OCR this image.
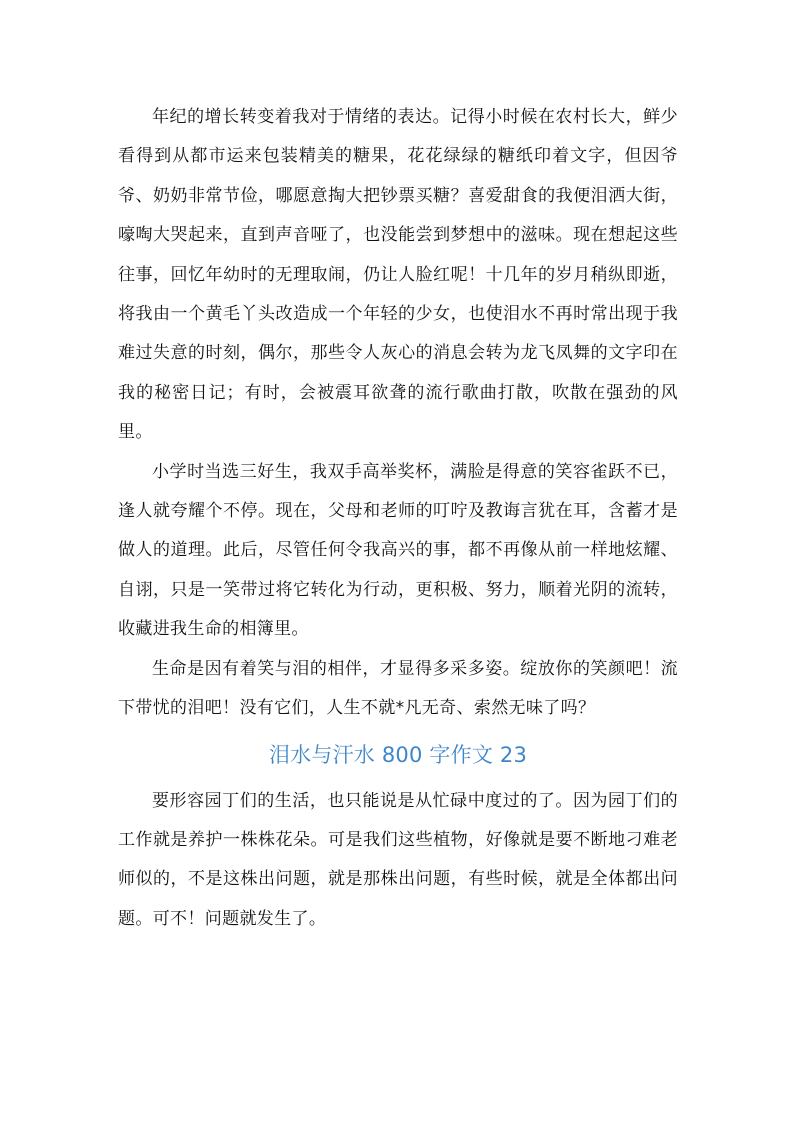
年纪的增长转变着我对于情绪的表达。记得小时候在农村长大，鲜少看得到从都市运来包装精美的糖果，花花绿绿的糖纸印着文字，但因爷爷、奶奶非常节俭，哪愿意掏大把钞票买糖？喜爱甜食的我便泪洒大街，嚎啕大哭起来，直到声音哑了，也没能尝到梦想中的滋味。现在想起这些往事，回忆年幼时的无理取闹，仍让人脸红呢！十几年的岁月稍纵即逝，将我由一个黄毛丫头改造成一个年轻的少女，也使泪水不再时常出现于我难过失意的时刻，偶尔，那些令人灰心的消息会转为龙飞凤舞的文字印在我的秘密日记；有时，会被震耳欲聋的流行歌曲打散，吹散在强劲的风里。

小学时当选三好生，我双手高举奖杯，满脸是得意的笑容雀跃不已，逢人就夸耀个不停。现在，父母和老师的叮咛及教诲言犹在耳，含蓄才是做人的道理。此后，尽管任何令我高兴的事，都不再像从前一样地炫耀、自诩，只是一笑带过将它转化为行动，更积极、努力，顺着光阴的流转，收藏进我生命的相簿里。

生命是因有着笑与泪的相伴，才显得多采多姿。绽放你的笑颜吧！流下带忧的泪吧！没有它们，人生不就*凡无奇、索然无味了吗？

泪水与汗水 800 字作文 23

要形容园丁们的生活，也只能说是从忙碌中度过的了。因为园丁们的工作就是养护一株株花朵。可是我们这些植物，好像就是要不断地刁难老师似的，不是这株出问题，就是那株出问题，有些时候，就是全体都出问题。可不！问题就发生了。
